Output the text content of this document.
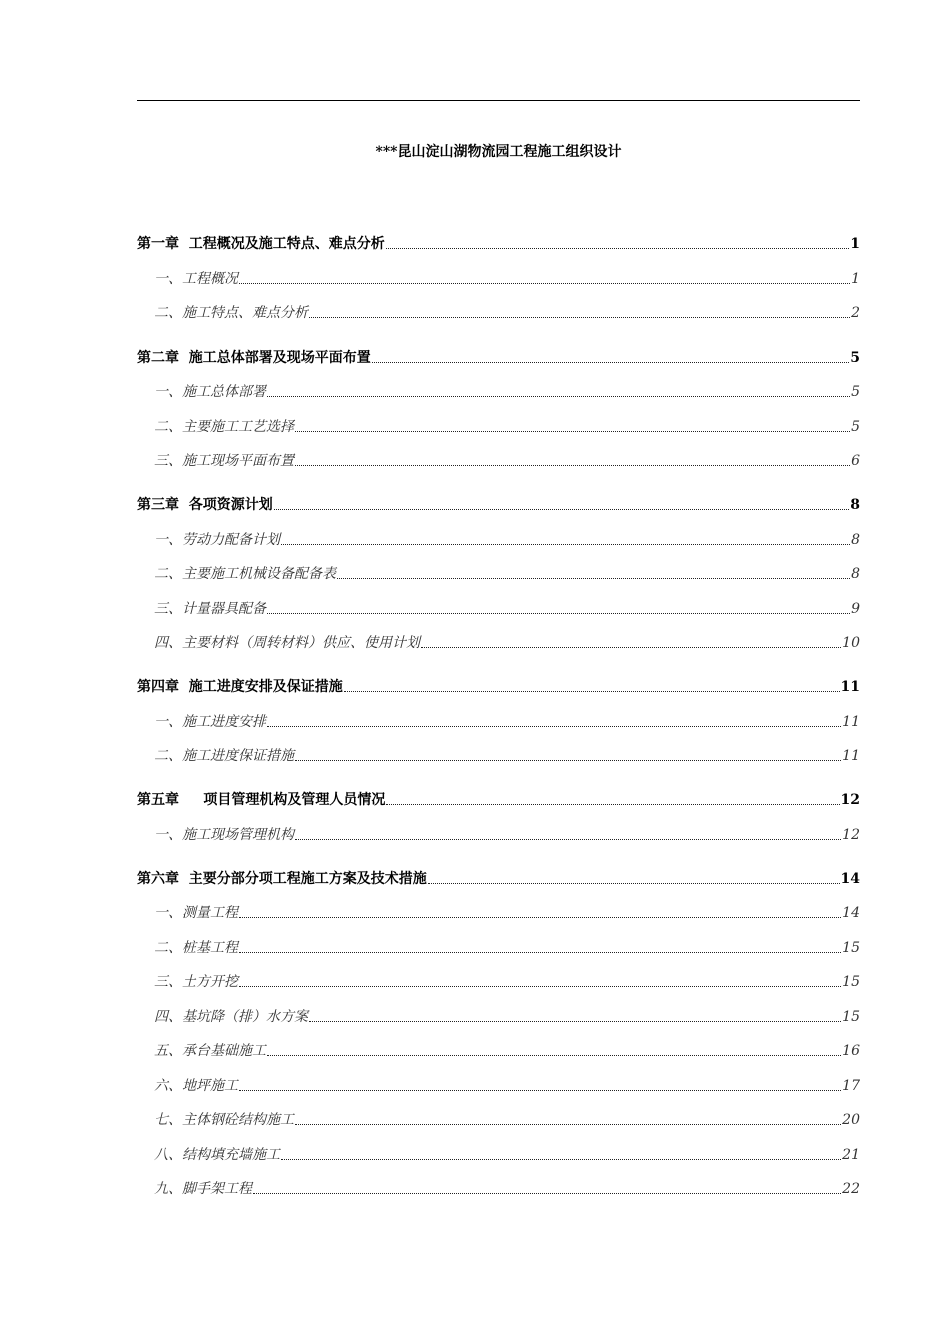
***昆山淀山湖物流园工程施工组织设计
第一章  工程概况及施工特点、难点分析	1
一、工程概况	1
二、施工特点、难点分析	2
第二章  施工总体部署及现场平面布置	5
一、施工总体部署	5
二、主要施工工艺选择	5
三、施工现场平面布置	6
第三章  各项资源计划	8
一、劳动力配备计划	8
二、主要施工机械设备配备表	8
三、计量器具配备	9
四、主要材料（周转材料）供应、使用计划	10
第四章  施工进度安排及保证措施	11
一、施工进度安排	11
二、施工进度保证措施	11
第五章     项目管理机构及管理人员情况	12
一、施工现场管理机构	12
第六章  主要分部分项工程施工方案及技术措施	14
一、测量工程	14
二、桩基工程	15
三、土方开挖	15
四、基坑降（排）水方案	15
五、承台基础施工	16
六、地坪施工	17
七、主体钢砼结构施工	20
八、结构填充墙施工	21
九、脚手架工程	22
